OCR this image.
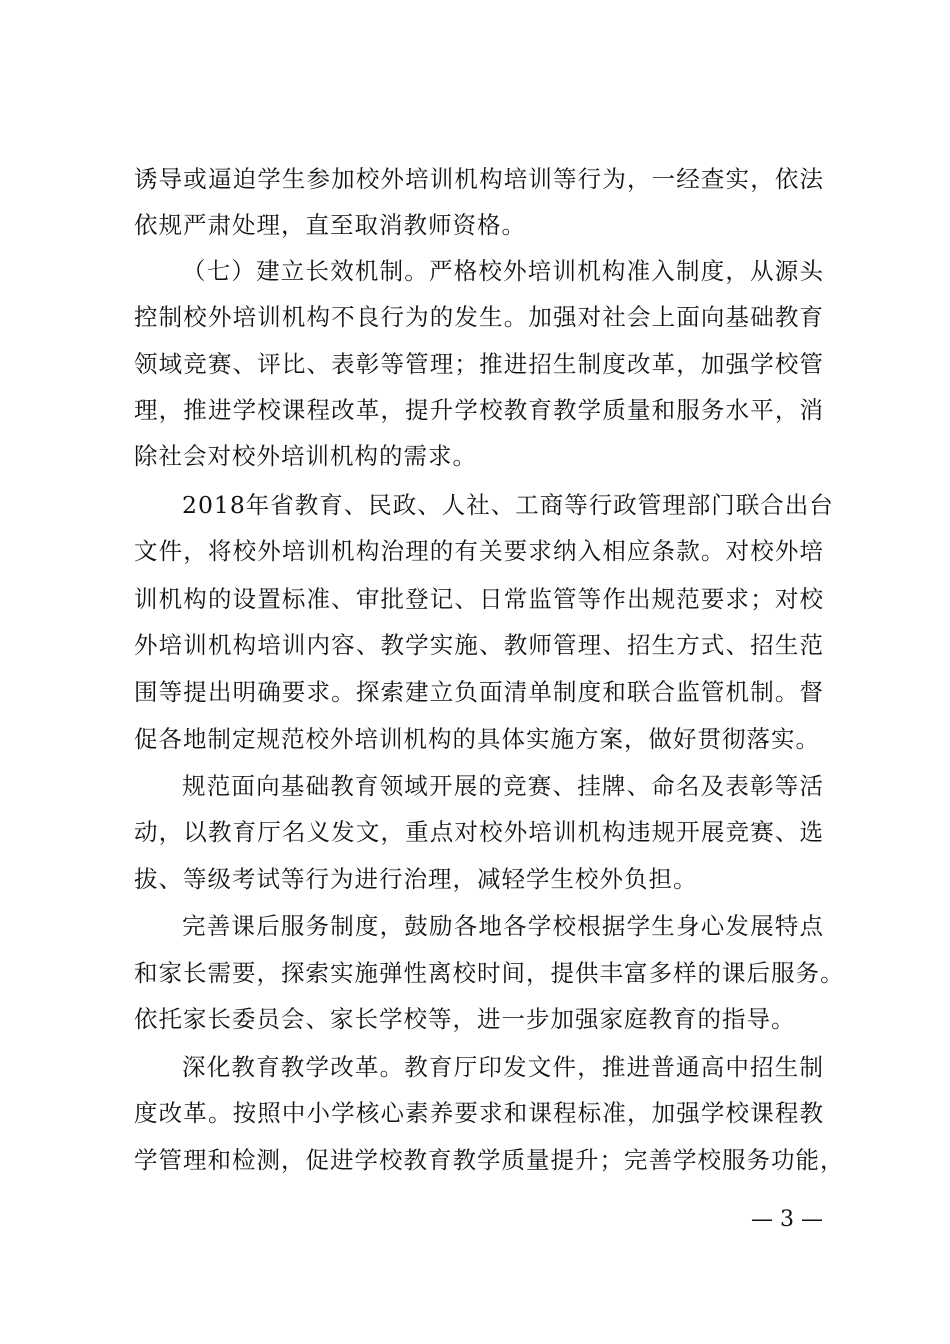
诱导或逼迫学生参加校外培训机构培训等行为，一经查实，依法
依规严肃处理，直至取消教师资格。
（七）建立长效机制。严格校外培训机构准入制度，从源头
控制校外培训机构不良行为的发生。加强对社会上面向基础教育
领域竞赛、评比、表彰等管理；推进招生制度改革，加强学校管
理，推进学校课程改革，提升学校教育教学质量和服务水平，消
除社会对校外培训机构的需求。
2018年省教育、民政、人社、工商等行政管理部门联合出台
文件，将校外培训机构治理的有关要求纳入相应条款。对校外培
训机构的设置标准、审批登记、日常监管等作出规范要求；对校
外培训机构培训内容、教学实施、教师管理、招生方式、招生范
围等提出明确要求。探索建立负面清单制度和联合监管机制。督
促各地制定规范校外培训机构的具体实施方案，做好贯彻落实。
规范面向基础教育领域开展的竞赛、挂牌、命名及表彰等活
动，以教育厅名义发文，重点对校外培训机构违规开展竞赛、选
拔、等级考试等行为进行治理，减轻学生校外负担。
完善课后服务制度，鼓励各地各学校根据学生身心发展特点
和家长需要，探索实施弹性离校时间，提供丰富多样的课后服务。
依托家长委员会、家长学校等，进一步加强家庭教育的指导。
深化教育教学改革。教育厅印发文件，推进普通高中招生制
度改革。按照中小学核心素养要求和课程标准，加强学校课程教
学管理和检测，促进学校教育教学质量提升；完善学校服务功能，
— 3 —
